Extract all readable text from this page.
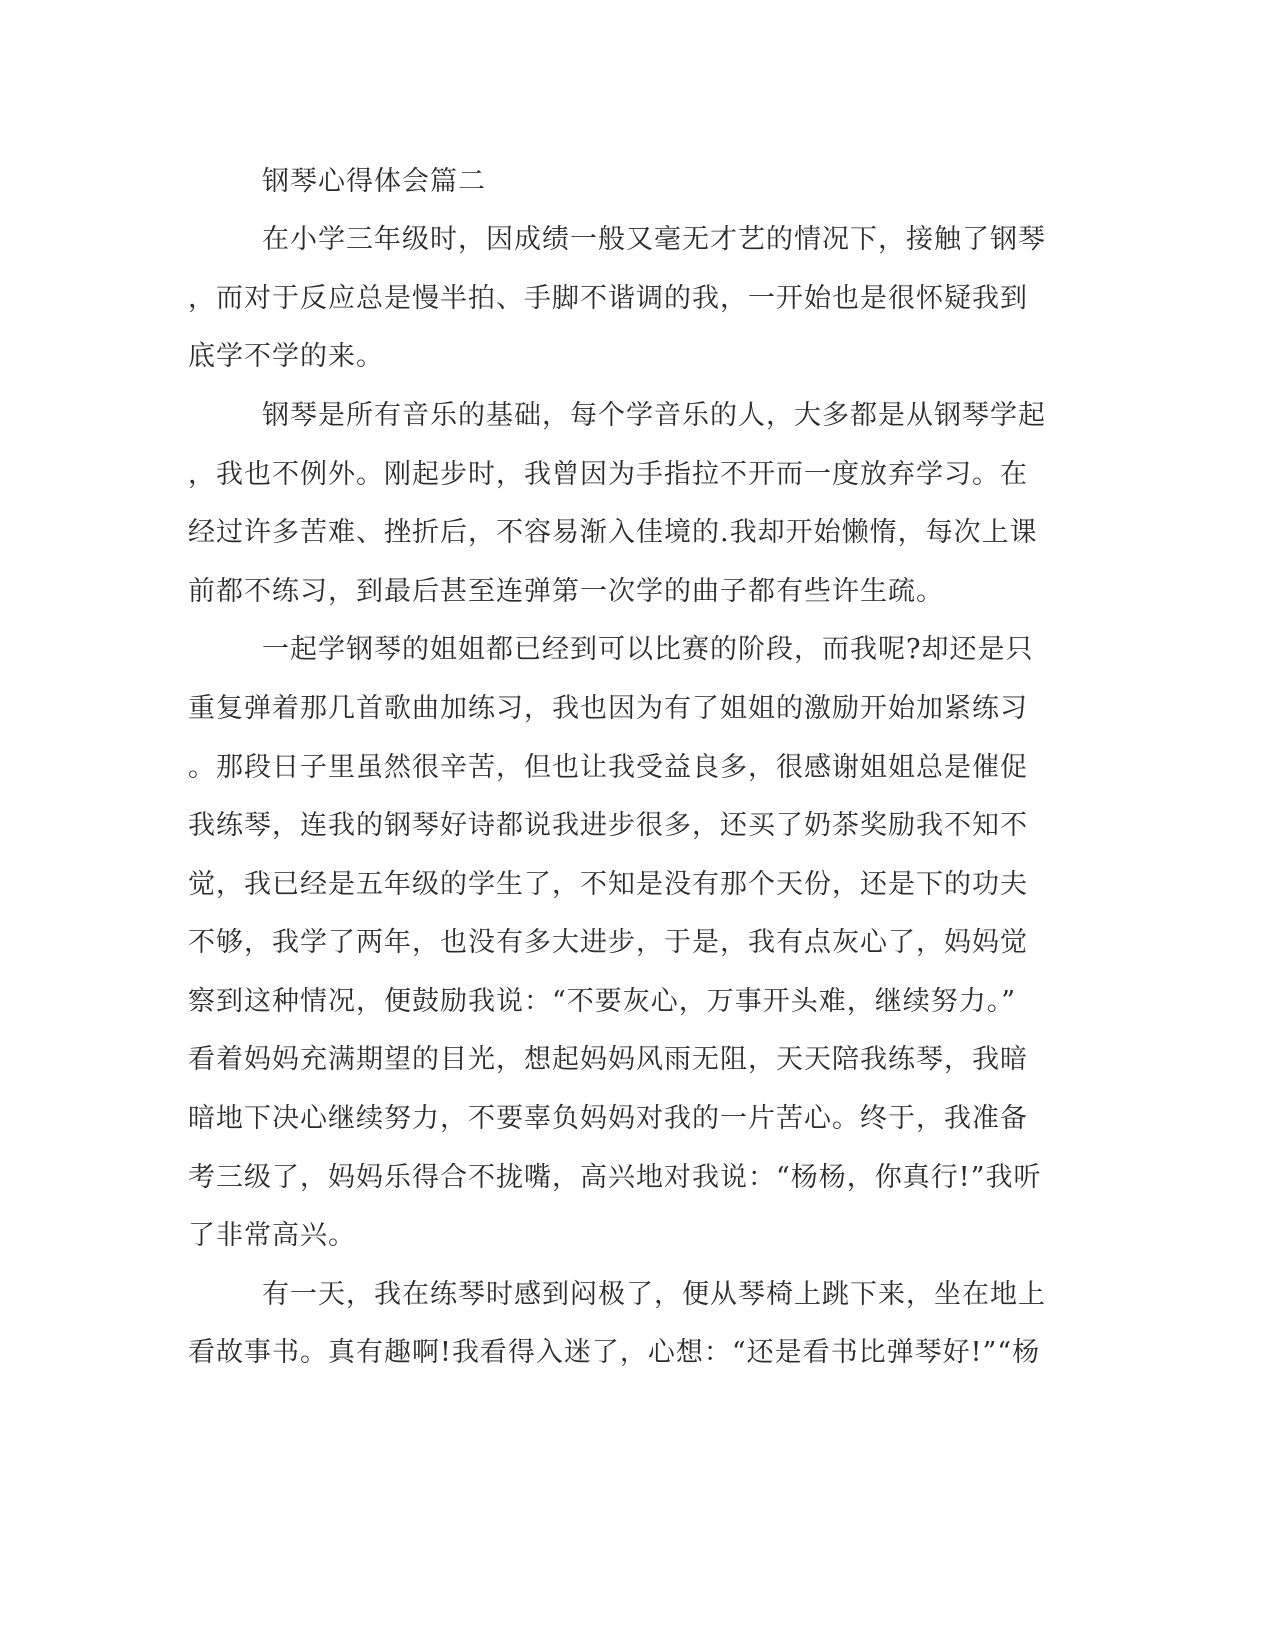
钢琴心得体会篇二

在小学三年级时，因成绩一般又毫无才艺的情况下，接触了钢琴

，而对于反应总是慢半拍、手脚不谐调的我，一开始也是很怀疑我到

底学不学的来。

钢琴是所有音乐的基础，每个学音乐的人，大多都是从钢琴学起

，我也不例外。刚起步时，我曾因为手指拉不开而一度放弃学习。在

经过许多苦难、挫折后，不容易渐入佳境的.我却开始懒惰，每次上课

前都不练习，到最后甚至连弹第一次学的曲子都有些许生疏。

一起学钢琴的姐姐都已经到可以比赛的阶段，而我呢?却还是只

重复弹着那几首歌曲加练习，我也因为有了姐姐的激励开始加紧练习

。那段日子里虽然很辛苦，但也让我受益良多，很感谢姐姐总是催促

我练琴，连我的钢琴好诗都说我进步很多，还买了奶茶奖励我不知不

觉，我已经是五年级的学生了，不知是没有那个天份，还是下的功夫

不够，我学了两年，也没有多大进步，于是，我有点灰心了，妈妈觉

察到这种情况，便鼓励我说：“不要灰心，万事开头难，继续努力。”

看着妈妈充满期望的目光，想起妈妈风雨无阻，天天陪我练琴，我暗

暗地下决心继续努力，不要辜负妈妈对我的一片苦心。终于，我准备

考三级了，妈妈乐得合不拢嘴，高兴地对我说：“杨杨，你真行!”我听

了非常高兴。

有一天，我在练琴时感到闷极了，便从琴椅上跳下来，坐在地上

看故事书。真有趣啊!我看得入迷了，心想：“还是看书比弹琴好!”“杨
